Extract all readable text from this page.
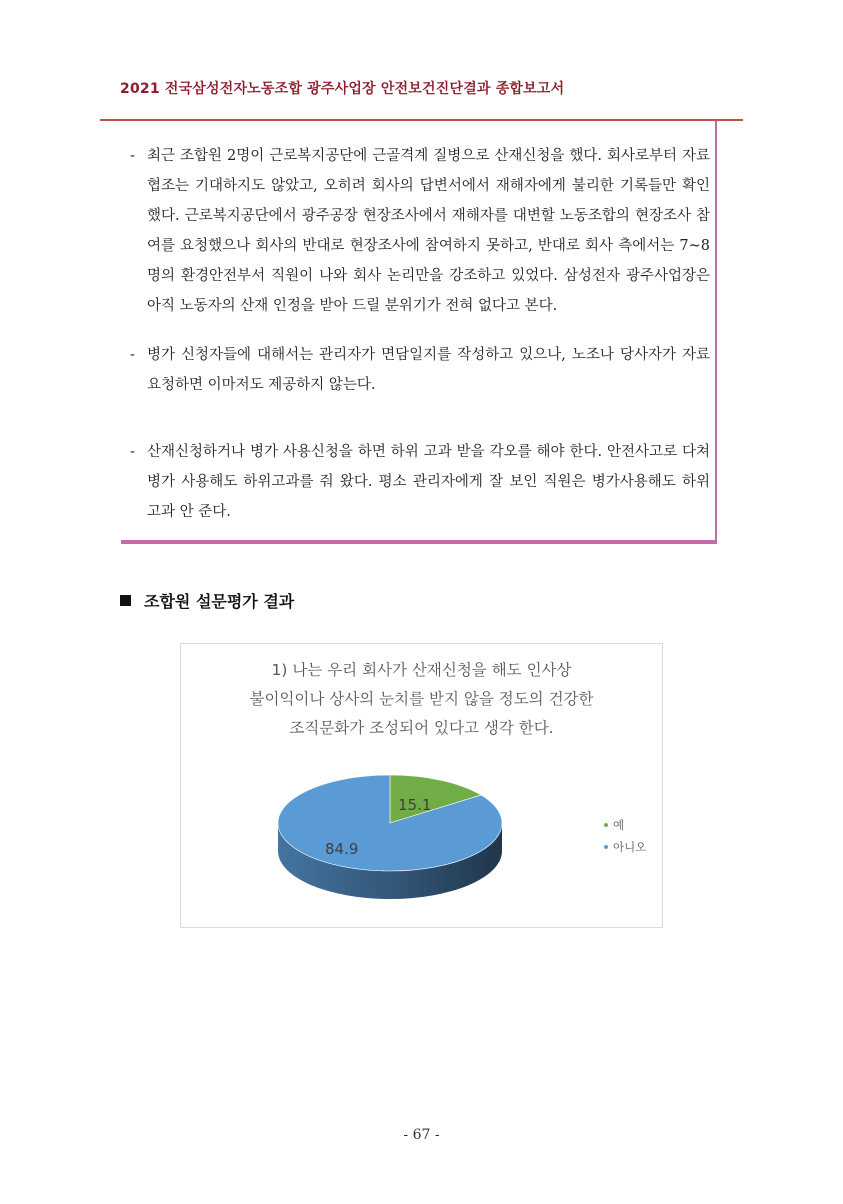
2021 전국삼성전자노동조합 광주사업장 안전보건진단결과 종합보고서
- 최근 조합원 2명이 근로복지공단에 근골격계 질병으로 산재신청을 했다. 회사로부터 자료협조는 기대하지도 않았고, 오히려 회사의 답변서에서 재해자에게 불리한 기록들만 확인했다. 근로복지공단에서 광주공장 현장조사에서 재해자를 대변할 노동조합의 현장조사 참여를 요청했으나 회사의 반대로 현장조사에 참여하지 못하고, 반대로 회사 측에서는 7~8명의 환경안전부서 직원이 나와 회사 논리만을 강조하고 있었다. 삼성전자 광주사업장은 아직 노동자의 산재 인정을 받아 드릴 분위기가 전혀 없다고 본다.
- 병가 신청자들에 대해서는 관리자가 면담일지를 작성하고 있으나, 노조나 당사자가 자료요청하면 이마저도 제공하지 않는다.
- 산재신청하거나 병가 사용신청을 하면 하위 고과 받을 각오를 해야 한다. 안전사고로 다쳐 병가 사용해도 하위고과를 줘 왔다. 평소 관리자에게 잘 보인 직원은 병가사용해도 하위 고과 안 준다.
조합원 설문평가 결과
1) 나는 우리 회사가 산재신청을 해도 인사상
불이익이나 상사의 눈치를 받지 않을 정도의 건강한
조직문화가 조성되어 있다고 생각 한다.
15.1
84.9
예
아니오
- 67 -
